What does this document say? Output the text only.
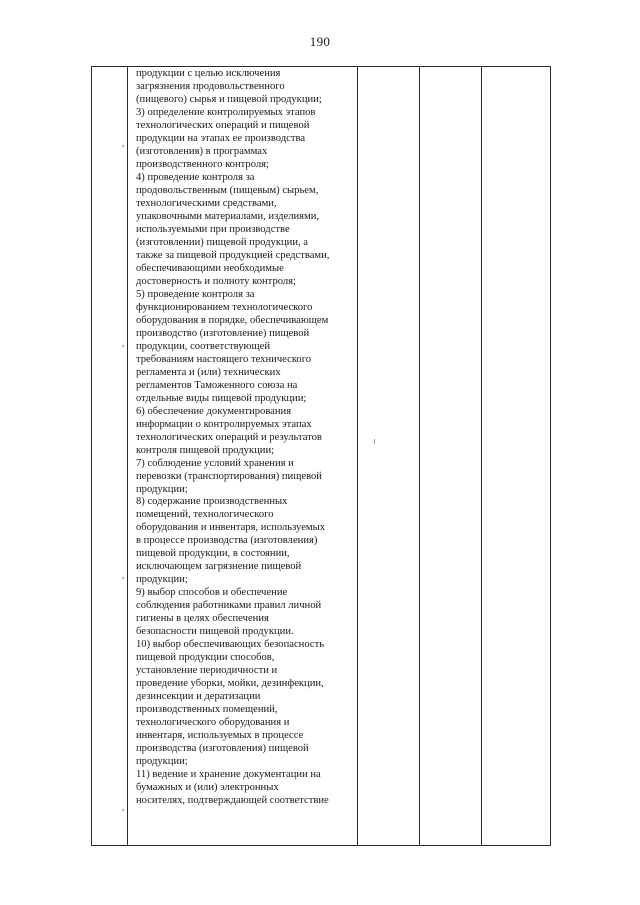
190
продукции с целью исключения
загрязнения продовольственного
(пищевого) сырья и пищевой продукции;
3) определение контролируемых этапов
технологических операций и пищевой
продукции на этапах ее производства
(изготовления) в программах
производственного контроля;
4) проведение контроля за
продовольственным (пищевым) сырьем,
технологическими средствами,
упаковочными материалами, изделиями,
используемыми при производстве
(изготовлении) пищевой продукции, а
также за пищевой продукцией средствами,
обеспечивающими необходимые
достоверность и полноту контроля;
5) проведение контроля за
функционированием технологического
оборудования в порядке, обеспечивающем
производство (изготовление) пищевой
продукции, соответствующей
требованиям настоящего технического
регламента и (или) технических
регламентов Таможенного союза на
отдельные виды пищевой продукции;
6) обеспечение документирования
информации о контролируемых этапах
технологических операций и результатов
контроля пищевой продукции;
7) соблюдение условий хранения и
перевозки (транспортирования) пищевой
продукции;
8) содержание производственных
помещений, технологического
оборудования и инвентаря, используемых
в процессе производства (изготовления)
пищевой продукции, в состоянии,
исключающем загрязнение пищевой
продукции;
9) выбор способов и обеспечение
соблюдения работниками правил личной
гигиены в целях обеспечения
безопасности пищевой продукции.
10) выбор обеспечивающих безопасность
пищевой продукции способов,
установление периодичности и
проведение уборки, мойки, дезинфекции,
дезинсекции и дератизации
производственных помещений,
технологического оборудования и
инвентаря, используемых в процессе
производства (изготовления) пищевой
продукции;
11) ведение и хранение документации на
бумажных и (или) электронных
носителях, подтверждающей соответствие
,
,
,
,
